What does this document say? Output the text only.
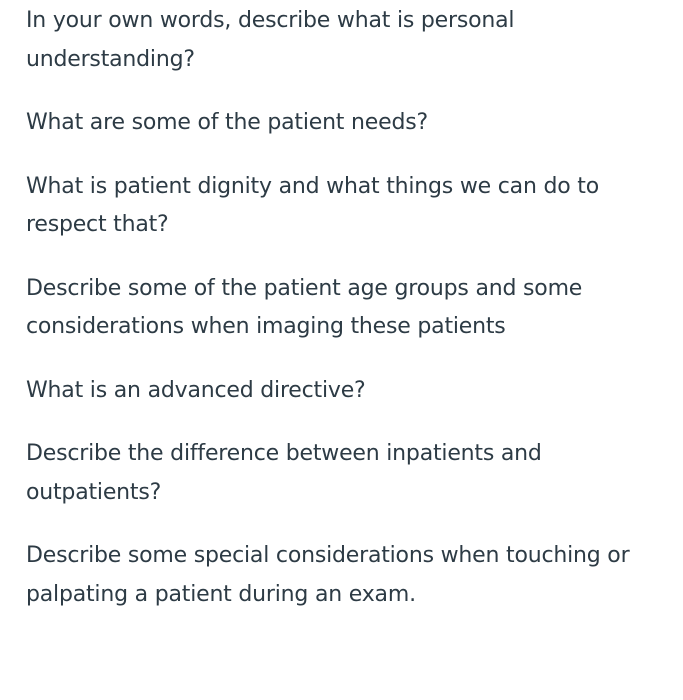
In your own words, describe what is personal understanding?

What are some of the patient needs?

What is patient dignity and what things we can do to respect that?

Describe some of the patient age groups and some considerations when imaging these patients

What is an advanced directive?

Describe the difference between inpatients and outpatients?

Describe some special considerations when touching or palpating a patient during an exam.
